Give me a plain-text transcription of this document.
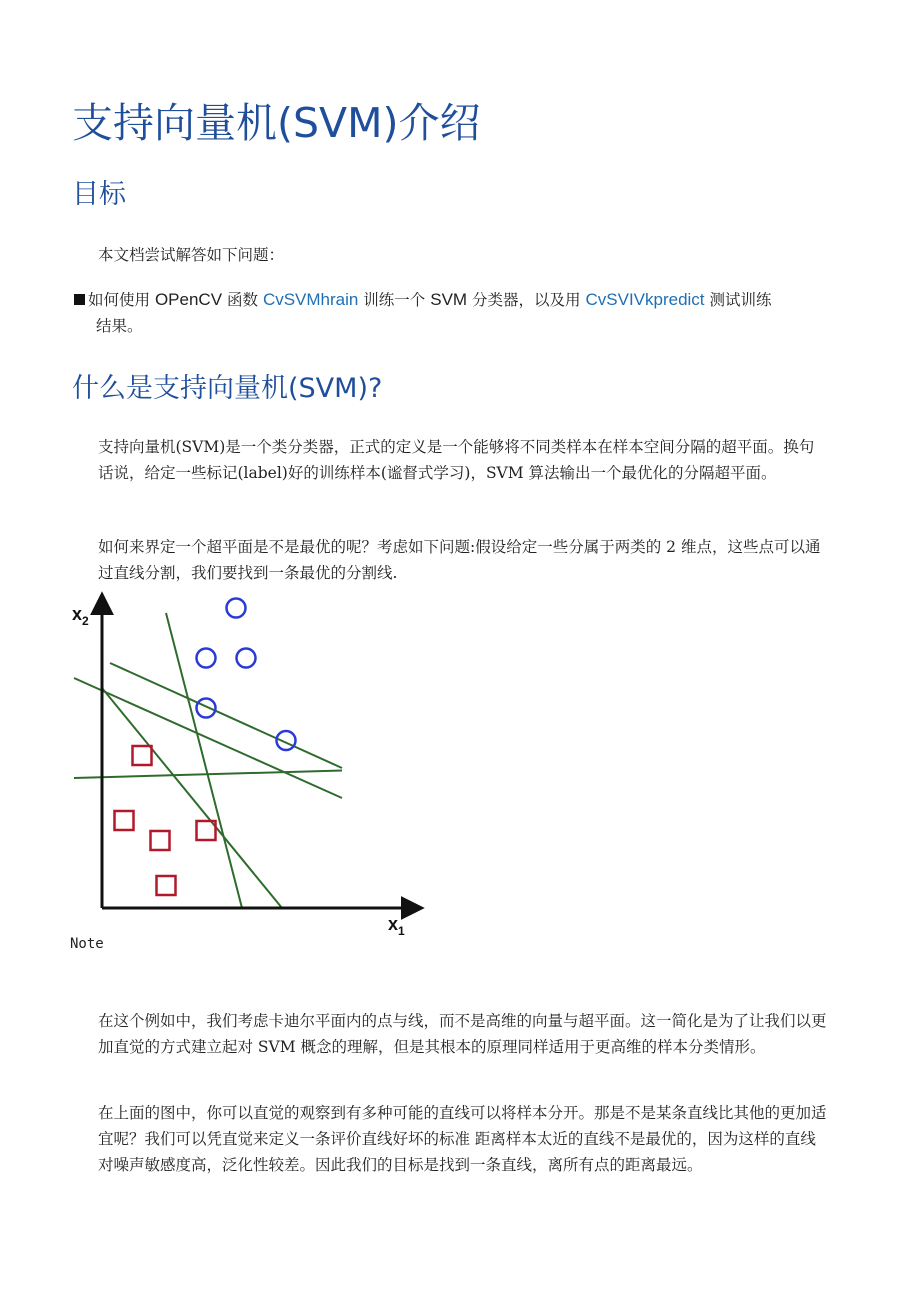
支持向量机(SVM)介绍
目标

本文档尝试解答如下问题：

如何使用 OPenCV 函数 CvSVMhrain 训练一个 SVM 分类器，以及用 CvSVIVkpredict 测试训练
结果。
什么是支持向量机(SVM)?

支持向量机(SVM)是一个类分类器，正式的定义是一个能够将不同类样本在样本空间分隔的超平面。换句话说，给定一些标记(label)好的训练样本(谧督式学习)，SVM 算法输出一个最优化的分隔超平面。

如何来界定一个超平面是不是最优的呢？考虑如下问题:假设给定一些分属于两类的 2 维点，这些点可以通过直线分割，我们要找到一条最优的分割线.

$x_2$
$x_1$

Note

在这个例如中，我们考虑卡迪尔平面内的点与线，而不是高维的向量与超平面。这一简化是为了让我们以更加直觉的方式建立起对 SVM 概念的理解，但是其根本的原理同样适用于更高维的样本分类情形。

在上面的图中，你可以直觉的观察到有多种可能的直线可以将样本分开。那是不是某条直线比其他的更加适宜呢？我们可以凭直觉来定义一条评价直线好坏的标准 距离样本太近的直线不是最优的，因为这样的直线对噪声敏感度高，泛化性较差。因此我们的目标是找到一条直线，离所有点的距离最远。
